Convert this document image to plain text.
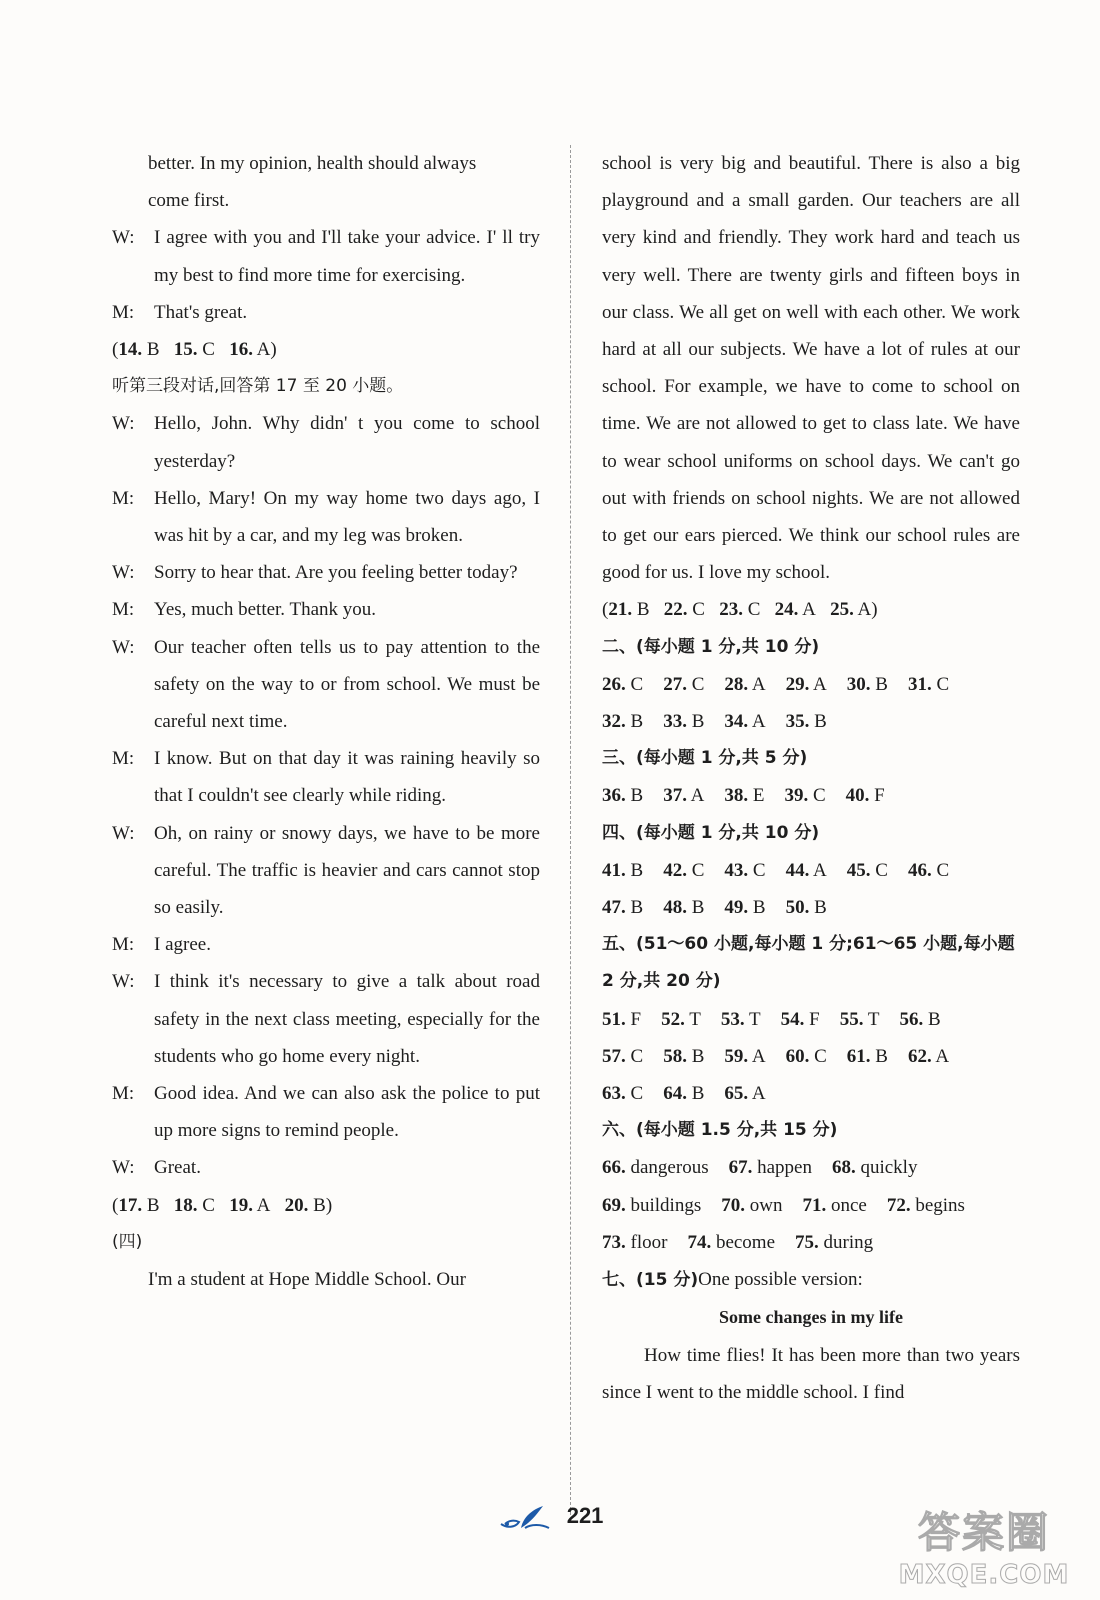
better. In my opinion, health should always
come first.
W:	I agree with you and I'll take your advice. I' ll try my best to find more time for exercising.
M:	That's great.
(14. B 15. C 16. A)
听第三段对话,回答第 17 至 20 小题。
W:	Hello, John. Why didn' t you come to school yesterday?
M:	Hello, Mary! On my way home two days ago, I was hit by a car, and my leg was broken.
W:	Sorry to hear that. Are you feeling better today?
M:	Yes, much better. Thank you.
W:	Our teacher often tells us to pay attention to the safety on the way to or from school. We must be careful next time.
M:	I know. But on that day it was raining heavily so that I couldn't see clearly while riding.
W:	Oh, on rainy or snowy days, we have to be more careful. The traffic is heavier and cars cannot stop so easily.
M:	I agree.
W:	I think it's necessary to give a talk about road safety in the next class meeting, especially for the students who go home every night.
M:	Good idea. And we can also ask the police to put up more signs to remind people.
W:	Great.
(17. B 18. C 19. A 20. B)
(四)
I'm a student at Hope Middle School. Our
school is very big and beautiful. There is also a big playground and a small garden. Our teachers are all very kind and friendly. They work hard and teach us very well. There are twenty girls and fifteen boys in our class. We all get on well with each other. We work hard at all our subjects. We have a lot of rules at our school. For example, we have to come to school on time. We are not allowed to get to class late. We have to wear school uniforms on school days. We can't go out with friends on school nights. We are not allowed to get our ears pierced. We think our school rules are good for us. I love my school.
(21. B 22. C 23. C 24. A 25. A)
二、(每小题 1 分,共 10 分)
26. C 27. C 28. A 29. A 30. B 31. C
32. B 33. B 34. A 35. B
三、(每小题 1 分,共 5 分)
36. B 37. A 38. E 39. C 40. F
四、(每小题 1 分,共 10 分)
41. B 42. C 43. C 44. A 45. C 46. C
47. B 48. B 49. B 50. B
五、(51～60 小题,每小题 1 分;61～65 小题,每小题
2 分,共 20 分)
51. F 52. T 53. T 54. F 55. T 56. B
57. C 58. B 59. A 60. C 61. B 62. A
63. C 64. B 65. A
六、(每小题 1.5 分,共 15 分)
66. dangerous 67. happen 68. quickly
69. buildings 70. own 71. once 72. begins
73. floor 74. become 75. during
七、(15 分)One possible version:
Some changes in my life
How time flies! It has been more than two years since I went to the middle school. I find
221	答案圈
MXQE.COM
